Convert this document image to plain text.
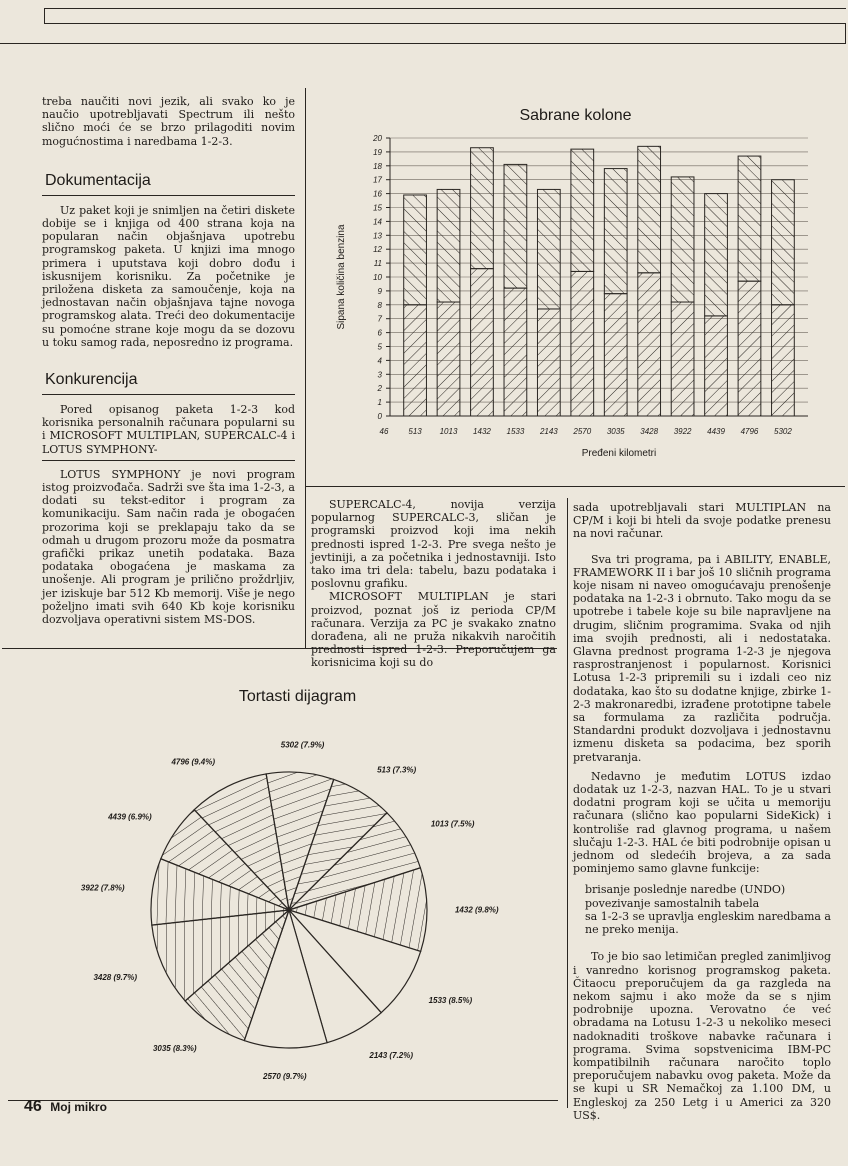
treba naučiti novi jezik, ali svako ko je naučio upotrebljavati Spectrum ili nešto slično moći će se brzo prilagoditi novim mogućnostima i naredbama 1-2-3.

Dokumentacija

Uz paket koji je snimljen na četiri diskete dobije se i knjiga od 400 strana koja na popularan način objašnjava upotrebu programskog paketa. U knjizi ima mnogo primera i uputstava koji dobro dođu i iskusnijem korisniku. Za početnike je priložena disketa za samoučenje, koja na jednostavan način objašnjava tajne novoga programskog alata. Treći deo dokumentacije su pomoćne strane koje mogu da se dozovu u toku samog rada, neposredno iz programa.

Konkurencija

Pored opisanog paketa 1-2-3 kod korisnika personalnih računara popularni su i MICROSOFT MULTIPLAN, SUPERCALC-4 i LOTUS SYMPHONY-

LOTUS SYMPHONY je novi program istog proizvođača. Sadrži sve šta ima 1-2-3, a dodati su tekst-editor i program za komunikaciju. Sam način rada je obogaćen prozorima koji se preklapaju tako da se odmah u drugom prozoru može da posmatra grafički prikaz unetih podataka. Baza podataka obogaćena je maskama za unošenje. Ali program je prilično proždrljiv, jer iziskuje bar 512 Kb memorij. Više je nego poželjno imati svih 640 Kb koje korisniku dozvoljava operativni sistem MS-DOS.

Sabrane kolone
0
1
2
3
4
5
6
7
8
9
10
11
12
13
14
15
16
17
18
19
20
Sipana količina benzina
46 513 1013 1432 1533 2143 2570 3035 3428 3922 4439 4796 5302
Pređeni kilometri

SUPERCALC-4, novija verzija popularnog SUPERCALC-3, sličan je programski proizvod koji ima nekih prednosti ispred 1-2-3. Pre svega nešto je jevtiniji, a za početnika i jednostavniji. Isto tako ima tri dela: tabelu, bazu podataka i poslovnu grafiku.

MICROSOFT MULTIPLAN je stari proizvod, poznat još iz perioda CP/M računara. Verzija za PC je svakako znatno dorađena, ali ne pruža nikakvih naročitih prednosti ispred 1-2-3. Preporučujem ga korisnicima koji su do

sada upotrebljavali stari MULTIPLAN na CP/M i koji bi hteli da svoje podatke prenesu na novi računar.

Sva tri programa, pa i ABILITY, ENABLE, FRAMEWORK II i bar još 10 sličnih programa koje nisam ni naveo omogućavaju prenošenje podataka na 1-2-3 i obrnuto. Tako mogu da se upotrebe i tabele koje su bile napravljene na drugim, sličnim programima. Svaka od njih ima svojih prednosti, ali i nedostataka. Glavna prednost programa 1-2-3 je njegova rasprostranjenost i popularnost. Korisnici Lotusa 1-2-3 pripremili su i izdali ceo niz dodataka, kao što su dodatne knjige, zbirke 1-2-3 makronaredbi, izrađene prototipne tabele sa formulama za različita područja. Standardni produkt dozvoljava i jednostavnu izmenu disketa sa podacima, bez sporih pretvaranja.

Nedavno je međutim LOTUS izdao dodatak uz 1-2-3, nazvan HAL. To je u stvari dodatni program koji se učita u memoriju računara (slično kao popularni SideKick) i kontroliše rad glavnog programa, u našem slučaju 1-2-3. HAL će biti podrobnije opisan u jednom od sledećih brojeva, a za sada pominjemo samo glavne funkcije:

brisanje poslednje naredbe (UNDO)
povezivanje samostalnih tabela
sa 1-2-3 se upravlja engleskim naredbama a ne preko menija.

To je bio sao letimičan pregled zanimljivog i vanredno korisnog programskog paketa. Čitaocu preporučujem da ga razgleda na nekom sajmu i ako može da se s njim podrobnije upozna. Verovatno će već obradama na Lotusu 1-2-3 u nekoliko meseci nadoknaditi troškove nabavke računara i programa. Svima sopstvenicima IBM-PC kompatibilnih računara naročito toplo preporučujem nabavku ovog paketa. Može da se kupi u SR Nemačkoj za 1.100 DM, u Engleskoj za 250 Letg i u Americi za 320 US$.

Tortasti dijagram
513 (7.3%)
1013 (7.5%)
1432 (9.8%)
1533 (8.5%)
2143 (7.2%)
2570 (9.7%)
3035 (8.3%)
3428 (9.7%)
3922 (7.8%)
4439 (6.9%)
4796 (9.4%)
5302 (7.9%)
46 Moj mikro
